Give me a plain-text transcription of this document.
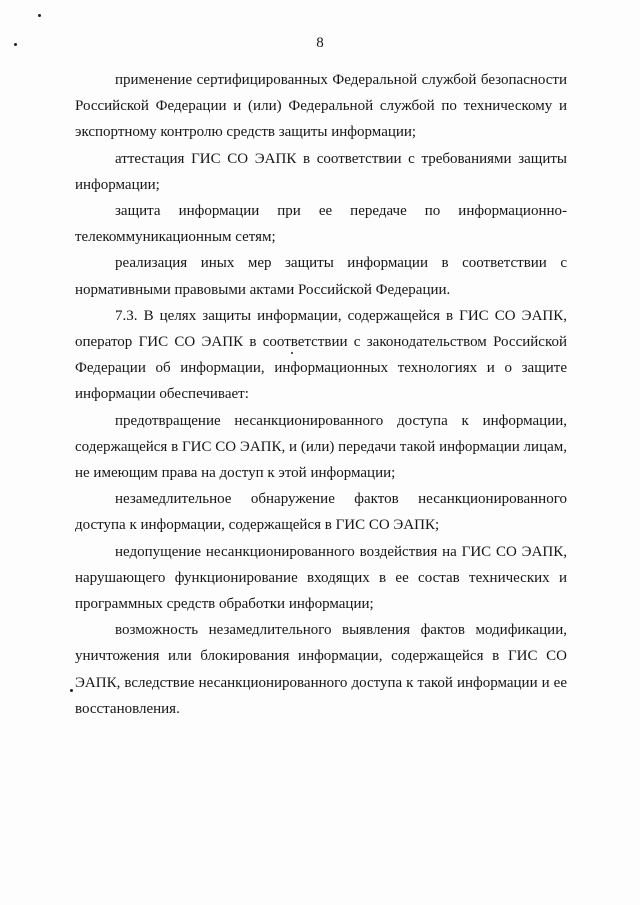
8

применение сертифицированных Федеральной службой безопасности Российской Федерации и (или) Федеральной службой по техническому и экспортному контролю средств защиты информации;

аттестация ГИС СО ЭАПК в соответствии с требованиями защиты информации;

защита информации при ее передаче по информационно-телекоммуникационным сетям;

реализация иных мер защиты информации в соответствии с нормативными правовыми актами Российской Федерации.

7.3. В целях защиты информации, содержащейся в ГИС СО ЭАПК, оператор ГИС СО ЭАПК в соответствии с законодательством Российской Федерации об информации, информационных технологиях и о защите информации обеспечивает:

предотвращение несанкционированного доступа к информации, содержащейся в ГИС СО ЭАПК, и (или) передачи такой информации лицам, не имеющим права на доступ к этой информации;

незамедлительное обнаружение фактов несанкционированного доступа к информации, содержащейся в ГИС СО ЭАПК;

недопущение несанкционированного воздействия на ГИС СО ЭАПК, нарушающего функционирование входящих в ее состав технических и программных средств обработки информации;

возможность незамедлительного выявления фактов модификации, уничтожения или блокирования информации, содержащейся в ГИС СО ЭАПК, вследствие несанкционированного доступа к такой информации и ее восстановления.
